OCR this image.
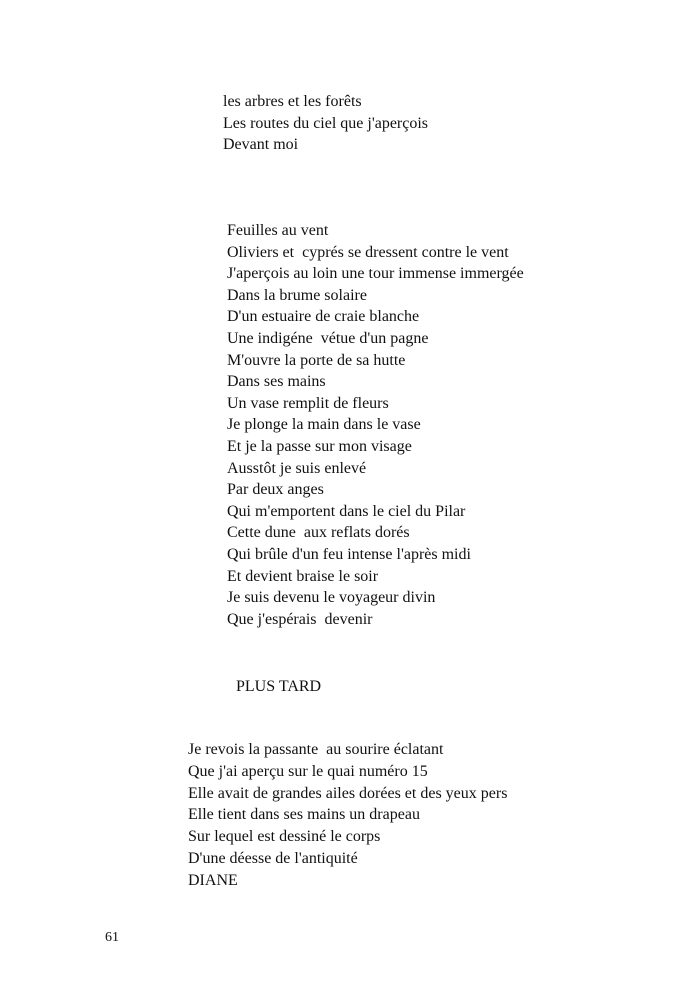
les arbres et les forêts
Les routes du ciel que j'aperçois
Devant moi
Feuilles au vent
Oliviers et  cyprés se dressent contre le vent
J'aperçois au loin une tour immense immergée
Dans la brume solaire
D'un estuaire de craie blanche
Une indigéne  vétue d'un pagne
M'ouvre la porte de sa hutte
Dans ses mains
Un vase remplit de fleurs
Je plonge la main dans le vase
Et je la passe sur mon visage
Ausstôt je suis enlevé
Par deux anges
Qui m'emportent dans le ciel du Pilar
Cette dune  aux reflats dorés
Qui brûle d'un feu intense l'après midi
Et devient braise le soir
Je suis devenu le voyageur divin
Que j'espérais  devenir
PLUS TARD
Je revois la passante  au sourire éclatant
Que j'ai aperçu sur le quai numéro 15
Elle avait de grandes ailes dorées et des yeux pers
Elle tient dans ses mains un drapeau
Sur lequel est dessiné le corps
D'une déesse de l'antiquité
DIANE
61
